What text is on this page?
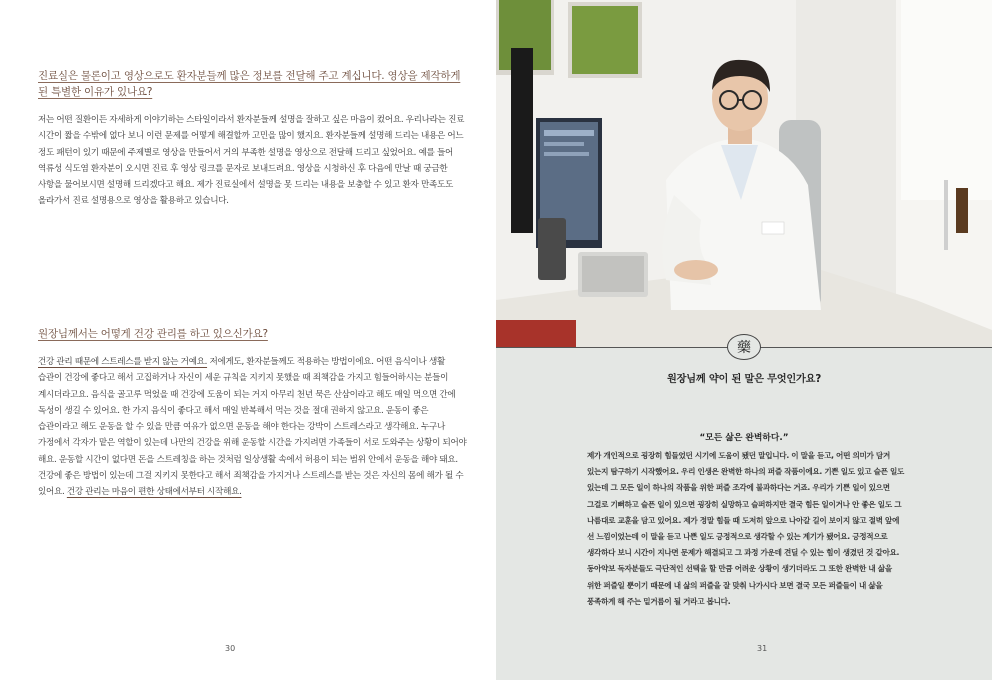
진료실은 물론이고 영상으로도 환자분들께 많은 정보를 전달해 주고 계십니다. 영상을 제작하게 된 특별한 이유가 있나요?

저는 어떤 질환이든 자세하게 이야기하는 스타일이라서 환자분들께 설명을 잘하고 싶은 마음이 컸어요. 우리나라는 진료 시간이 짧을 수밖에 없다 보니 이런 문제를 어떻게 해결할까 고민을 많이 했지요. 환자분들께 설명해 드리는 내용은 어느 정도 패턴이 있기 때문에 주제별로 영상을 만들어서 거의 부족한 설명을 영상으로 전달해 드리고 싶었어요. 예를 들어 역류성 식도염 환자분이 오시면 진료 후 영상 링크를 문자로 보내드려요. 영상을 시청하신 후 다음에 만날 때 궁금한 사항을 물어보시면 설명해 드리겠다고 해요. 제가 진료실에서 설명을 못 드리는 내용을 보충할 수 있고 환자 만족도도 올라가서 진료 설명용으로 영상을 활용하고 있습니다.

원장님께서는 어떻게 건강 관리를 하고 있으신가요?

건강 관리 때문에 스트레스를 받지 않는 거예요. 저에게도, 환자분들께도 적용하는 방법이에요. 어떤 음식이나 생활 습관이 건강에 좋다고 해서 고집하거나 자신이 세운 규칙을 지키지 못했을 때 죄책감을 가지고 힘들어하시는 분들이 계시더라고요. 음식을 골고루 먹었을 때 건강에 도움이 되는 거지 아무리 천년 묵은 산삼이라고 해도 매일 먹으면 간에 독성이 생길 수 있어요. 한 가지 음식이 좋다고 해서 매일 반복해서 먹는 것을 절대 권하지 않고요. 운동이 좋은 습관이라고 해도 운동을 할 수 있을 만큼 여유가 없으면 운동을 해야 한다는 강박이 스트레스라고 생각해요. 누구나 가정에서 각자가 맡은 역할이 있는데 나만의 건강을 위해 운동할 시간을 가지려면 가족들이 서로 도와주는 상황이 되어야 해요. 운동할 시간이 없다면 돈을 스트레칭을 하는 것처럼 일상생활 속에서 허용이 되는 범위 안에서 운동을 해야 돼요. 건강에 좋은 방법이 있는데 그걸 지키지 못한다고 해서 죄책감을 가지거나 스트레스를 받는 것은 자신의 몸에 해가 될 수 있어요. 건강 관리는 마음이 편한 상태에서부터 시작해요.

30
藥
원장님께 약이 된 말은 무엇인가요?
“모든 삶은 완벽하다.”

제가 개인적으로 굉장히 힘들었던 시기에 도움이 됐던 말입니다. 이 말을 듣고, 어떤 의미가 담겨 있는지 탐구하기 시작했어요. 우리 인생은 완벽한 하나의 퍼즐 작품이에요. 기쁜 일도 있고 슬픈 일도 있는데 그 모든 일이 하나의 작품을 위한 퍼즐 조각에 불과하다는 거죠. 우리가 기쁜 일이 있으면 그걸로 기뻐하고 슬픈 일이 있으면 굉장히 실망하고 슬퍼하지만 결국 힘든 일이거나 안 좋은 일도 그 나름대로 교훈을 담고 있어요. 제가 정말 힘들 때 도저히 앞으로 나아갈 길이 보이지 않고 절벽 앞에 선 느낌이었는데 이 말을 듣고 나쁜 일도 긍정적으로 생각할 수 있는 계기가 됐어요. 긍정적으로 생각하다 보니 시간이 지나면 문제가 해결되고 그 과정 가운데 견딜 수 있는 힘이 생겼던 것 같아요.

동아약보 독자분들도 극단적인 선택을 할 만큼 어려운 상황이 생기더라도 그 또한 완벽한 내 삶을 위한 퍼즐일 뿐이기 때문에 내 삶의 퍼즐을 잘 맞춰 나가시다 보면 결국 모든 퍼즐들이 내 삶을 풍족하게 해 주는 밑거름이 될 거라고 봅니다.

31
